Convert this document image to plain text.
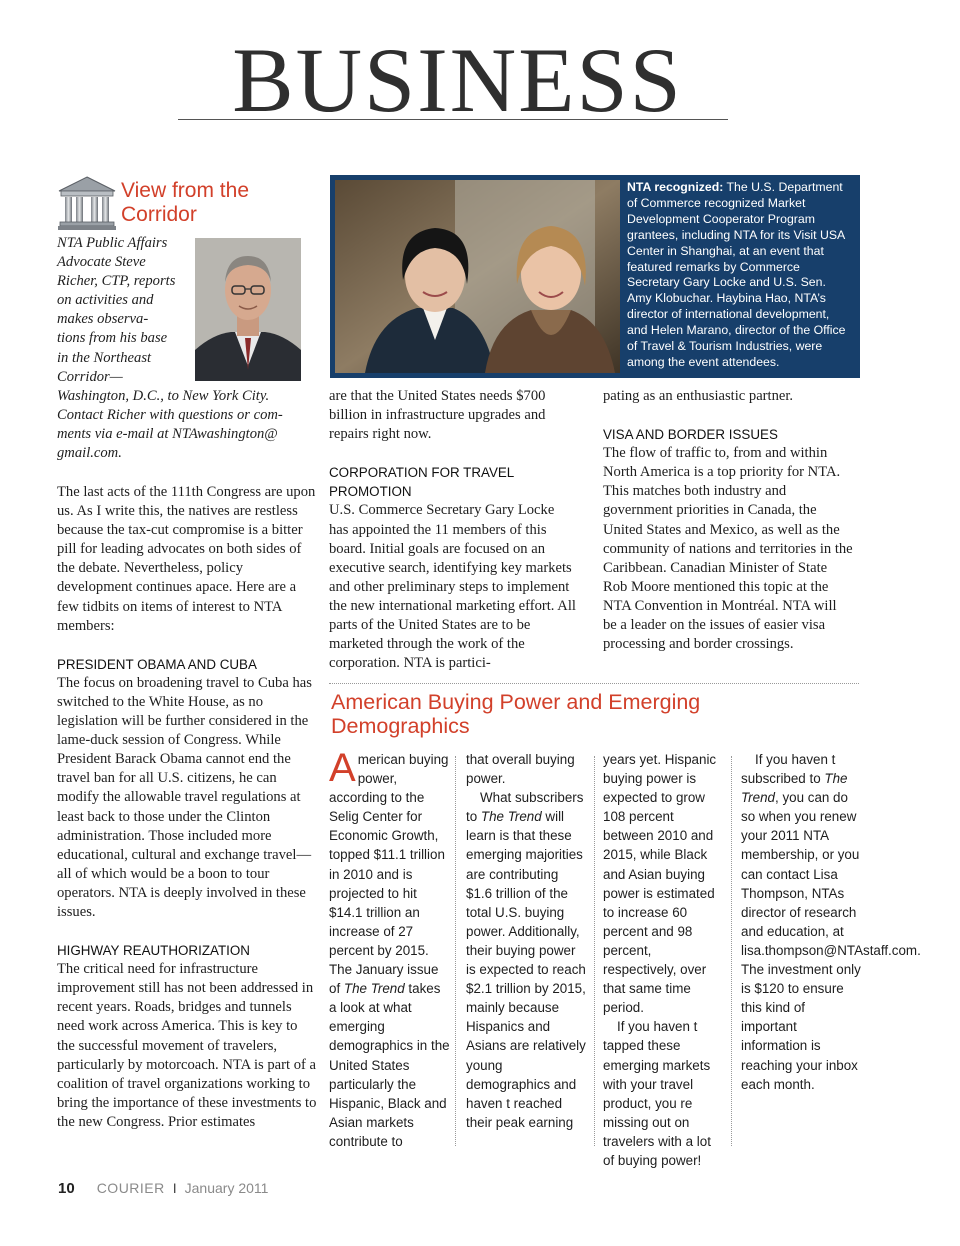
BUSINESS
View from the
Corridor
NTA Public Affairs
Advocate Steve
Richer, CTP, reports
on activities and
makes observa-
tions from his base
in the Northeast
Corridor—
Washington, D.C., to New York City.
Contact Richer with questions or com-
ments via e-mail at NTAwashington@
gmail.com.

The last acts of the 111th Congress are upon us. As I write this, the natives are restless because the tax-cut compromise is a bitter pill for leading advocates on both sides of the debate. Nevertheless, policy development continues apace. Here are a few tidbits on items of interest to NTA members:

PRESIDENT OBAMA AND CUBA

The focus on broadening travel to Cuba has switched to the White House, as no legislation will be further considered in the lame-duck session of Congress. While President Barack Obama cannot end the travel ban for all U.S. citizens, he can modify the allowable travel regulations at least back to those under the Clinton administration. Those included more educational, cultural and exchange travel—all of which would be a boon to tour operators. NTA is deeply involved in these issues.

HIGHWAY REAUTHORIZATION

The critical need for infrastructure improvement still has not been addressed in recent years. Roads, bridges and tunnels need work across America. This is key to the successful movement of travelers, particularly by motorcoach. NTA is part of a coalition of travel organizations working to bring the importance of these investments to the new Congress. Prior estimates

NTA recognized: The U.S. Department of Commerce recognized Market Development Cooperator Program grantees, including NTA for its Visit USA Center in Shanghai, at an event that featured remarks by Commerce Secretary Gary Locke and U.S. Sen. Amy Klobuchar. Haybina Hao, NTA’s director of international development, and Helen Marano, director of the Office of Travel & Tourism Industries, were among the event attendees.

are that the United States needs $700 billion in infrastructure upgrades and repairs right now.

CORPORATION FOR TRAVEL
PROMOTION

U.S. Commerce Secretary Gary Locke has appointed the 11 members of this board. Initial goals are focused on an executive search, identifying key markets and other preliminary steps to implement the new international marketing effort. All parts of the United States are to be marketed through the work of the corporation. NTA is partici-

pating as an enthusiastic partner.

VISA AND BORDER ISSUES

The flow of traffic to, from and within North America is a top priority for NTA. This matches both industry and government priorities in Canada, the United States and Mexico, as well as the community of nations and territories in the Caribbean. Canadian Minister of State Rob Moore mentioned this topic at the NTA Convention in Montréal. NTA will be a leader on the issues of easier visa processing and border crossings.

American Buying Power and Emerging Demographics

American buying power, according to the Selig Center for Economic Growth, topped $11.1 trillion in 2010 and is projected to hit $14.1 trillion an increase of 27 percent by 2015. The January issue of The Trend takes a look at what emerging demographics in the United States particularly the Hispanic, Black and Asian markets contribute to

that overall buying power.

What subscribers to The Trend will learn is that these emerging majorities are contributing $1.6 trillion of the total U.S. buying power. Additionally, their buying power is expected to reach $2.1 trillion by 2015, mainly because Hispanics and Asians are relatively young demographics and haven t reached their peak earning

years yet. Hispanic buying power is expected to grow 108 percent between 2010 and 2015, while Black and Asian buying power is estimated to increase 60 percent and 98 percent, respectively, over that same time period.

If you haven t tapped these emerging markets with your travel product, you re missing out on travelers with a lot of buying power!

If you haven t subscribed to The Trend, you can do so when you renew your 2011 NTA membership, or you can contact Lisa Thompson, NTAs director of research and education, at lisa.thompson@NTAstaff.com. The investment only is $120 to ensure this kind of important information is reaching your inbox each month.

10 COURIER I January 2011
